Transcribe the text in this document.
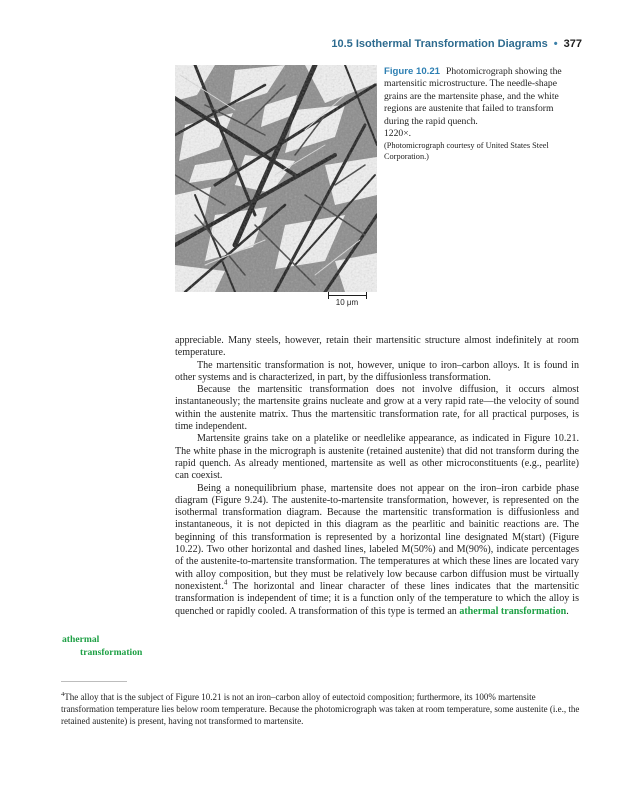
10.5 Isothermal Transformation Diagrams • 377
10 μm
Figure 10.21 Photomicrograph showing the martensitic microstructure. The needle-shape grains are the martensite phase, and the white regions are austenite that failed to transform during the rapid quench.
1220×.
(Photomicrograph courtesy of United States Steel Corporation.)

appreciable. Many steels, however, retain their martensitic structure almost indefinitely at room temperature.

The martensitic transformation is not, however, unique to iron–carbon alloys. It is found in other systems and is characterized, in part, by the diffusionless transformation.

Because the martensitic transformation does not involve diffusion, it occurs almost instantaneously; the martensite grains nucleate and grow at a very rapid rate—the velocity of sound within the austenite matrix. Thus the martensitic transformation rate, for all practical purposes, is time independent.

Martensite grains take on a platelike or needlelike appearance, as indicated in Figure 10.21. The white phase in the micrograph is austenite (retained austenite) that did not transform during the rapid quench. As already mentioned, martensite as well as other microconstituents (e.g., pearlite) can coexist.

Being a nonequilibrium phase, martensite does not appear on the iron–iron carbide phase diagram (Figure 9.24). The austenite-to-martensite transformation, however, is represented on the isothermal transformation diagram. Because the martensitic transformation is diffusionless and instantaneous, it is not depicted in this diagram as the pearlitic and bainitic reactions are. The beginning of this transformation is represented by a horizontal line designated M(start) (Figure 10.22). Two other horizontal and dashed lines, labeled M(50%) and M(90%), indicate percentages of the austenite-to-martensite transformation. The temperatures at which these lines are located vary with alloy composition, but they must be relatively low because carbon diffusion must be virtually nonexistent.$^4$ The horizontal and linear character of these lines indicates that the martensitic transformation is independent of time; it is a function only of the temperature to which the alloy is quenched or rapidly cooled. A transformation of this type is termed an athermal transformation.

athermal
transformation
$^4$The alloy that is the subject of Figure 10.21 is not an iron–carbon alloy of eutectoid composition; furthermore, its 100% martensite transformation temperature lies below room temperature. Because the photomicrograph was taken at room temperature, some austenite (i.e., the retained austenite) is present, having not transformed to martensite.
